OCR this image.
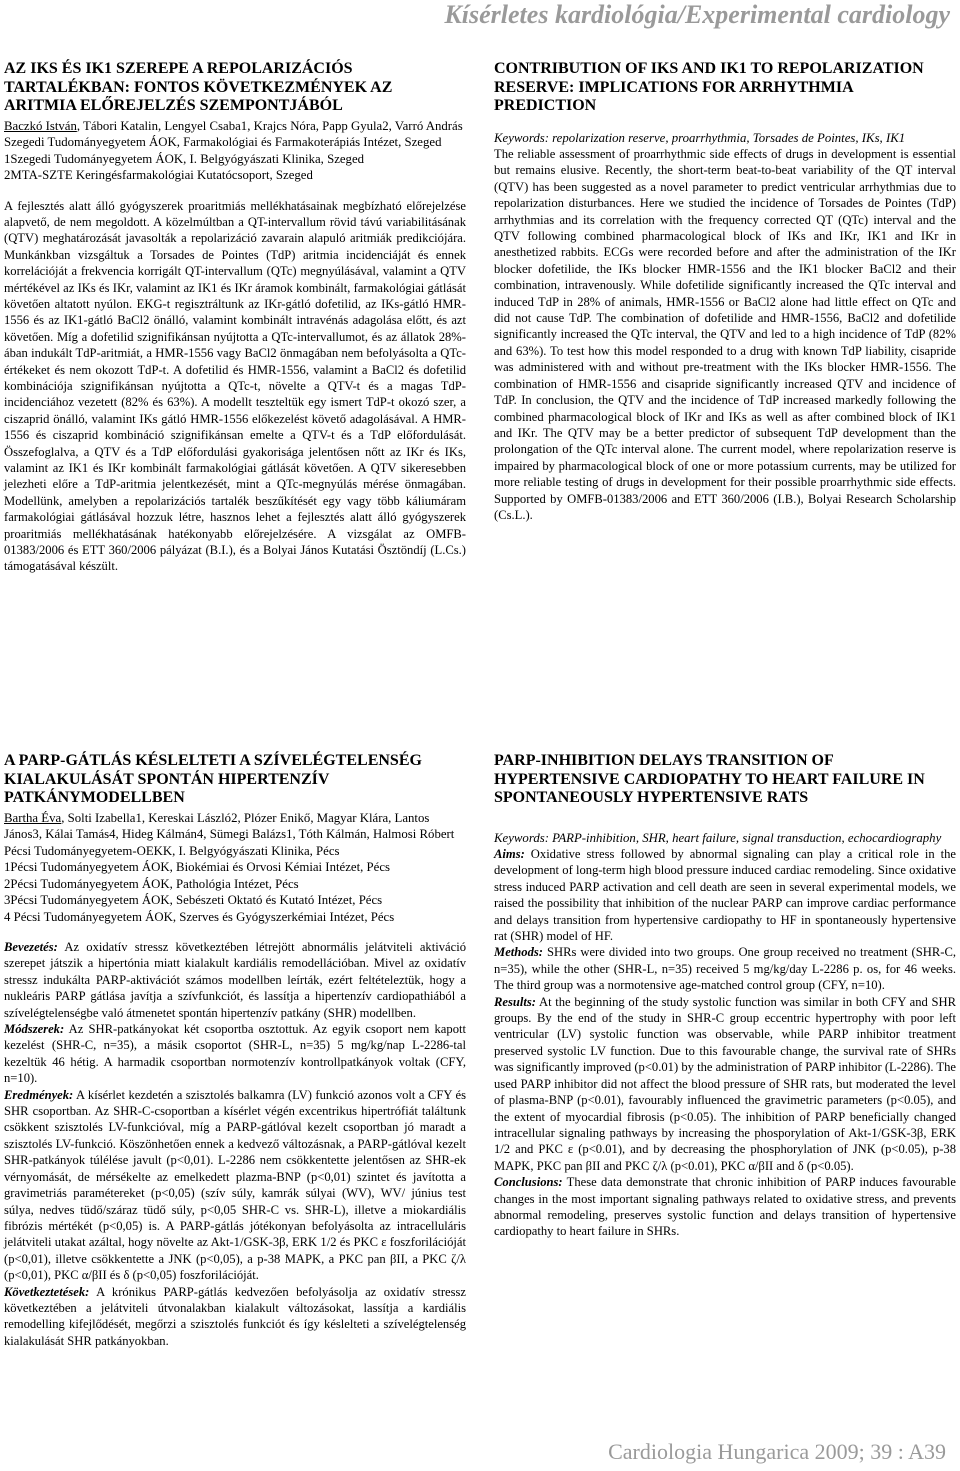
Kísérletes kardiológia/Experimental cardiology
AZ IKS ÉS IK1 SZEREPE A REPOLARIZÁCIÓS TARTALÉKBAN: FONTOS KÖVETKEZMÉNYEK AZ ARITMIA ELŐREJELZÉS SZEMPONTJÁBÓL

Baczkó István, Tábori Katalin, Lengyel Csaba1, Krajcs Nóra, Papp Gyula2, Varró András

Szegedi Tudományegyetem ÁOK, Farmakológiai és Farmakoterápiás Intézet, Szeged

1Szegedi Tudományegyetem ÁOK, I. Belgyógyászati Klinika, Szeged

2MTA-SZTE Keringésfarmakológiai Kutatócsoport, Szeged

A fejlesztés alatt álló gyógyszerek proaritmiás mellékhatásainak megbízható előrejelzése alapvető, de nem megoldott. A közelmúltban a QT-intervallum rövid távú variabilitásának (QTV) meghatározását javasolták a repolarizáció zavarain alapuló aritmiák predikciójára. Munkánkban vizsgáltuk a Torsades de Pointes (TdP) aritmia incidenciáját és ennek korrelációját a frekvencia korrigált QT-intervallum (QTc) megnyúlásával, valamint a QTV mértékével az IKs és IKr, valamint az IK1 és IKr áramok kombinált, farmakológiai gátlását követően altatott nyúlon. EKG-t regisztráltunk az IKr-gátló dofetilid, az IKs-gátló HMR-1556 és az IK1-gátló BaCl2 önálló, valamint kombinált intravénás adagolása előtt, és azt követően. Míg a dofetilid szignifikánsan nyújtotta a QTc-intervallumot, és az állatok 28%-ában indukált TdP-aritmiát, a HMR-1556 vagy BaCl2 önmagában nem befolyásolta a QTc-értékeket és nem okozott TdP-t. A dofetilid és HMR-1556, valamint a BaCl2 és dofetilid kombinációja szignifikánsan nyújtotta a QTc-t, növelte a QTV-t és a magas TdP-incidenciához vezetett (82% és 63%). A modellt teszteltük egy ismert TdP-t okozó szer, a ciszaprid önálló, valamint IKs gátló HMR-1556 előkezelést követő adagolásával. A HMR-1556 és ciszaprid kombináció szignifikánsan emelte a QTV-t és a TdP előfordulását. Összefoglalva, a QTV és a TdP előfordulási gyakorisága jelentősen nőtt az IKr és IKs, valamint az IK1 és IKr kombinált farmakológiai gátlását követően. A QTV sikeresebben jelezheti előre a TdP-aritmia jelentkezését, mint a QTc-megnyúlás mérése önmagában. Modellünk, amelyben a repolarizációs tartalék beszűkítését egy vagy több káliumáram farmakológiai gátlásával hozzuk létre, hasznos lehet a fejlesztés alatt álló gyógyszerek proaritmiás mellékhatásának hatékonyabb előrejelzésére. A vizsgálat az OMFB-01383/2006 és ETT 360/2006 pályázat (B.I.), és a Bolyai János Kutatási Ösztöndíj (L.Cs.) támogatásával készült.

CONTRIBUTION OF IKS AND IK1 TO REPOLARIZATION RESERVE: IMPLICATIONS FOR ARRHYTHMIA PREDICTION

Keywords: repolarization reserve, proarrhythmia, Torsades de Pointes, IKs, IK1

The reliable assessment of proarrhythmic side effects of drugs in development is essential but remains elusive. Recently, the short-term beat-to-beat variability of the QT interval (QTV) has been suggested as a novel parameter to predict ventricular arrhythmias due to repolarization disturbances. Here we studied the incidence of Torsades de Pointes (TdP) arrhythmias and its correlation with the frequency corrected QT (QTc) interval and the QTV following combined pharmacological block of IKs and IKr, IK1 and IKr in anesthetized rabbits. ECGs were recorded before and after the administration of the IKr blocker dofetilide, the IKs blocker HMR-1556 and the IK1 blocker BaCl2 and their combination, intravenously. While dofetilide significantly increased the QTc interval and induced TdP in 28% of animals, HMR-1556 or BaCl2 alone had little effect on QTc and did not cause TdP. The combination of dofetilide and HMR-1556, BaCl2 and dofetilide significantly increased the QTc interval, the QTV and led to a high incidence of TdP (82% and 63%). To test how this model responded to a drug with known TdP liability, cisapride was administered with and without pre-treatment with the IKs blocker HMR-1556. The combination of HMR-1556 and cisapride significantly increased QTV and incidence of TdP. In conclusion, the QTV and the incidence of TdP increased markedly following the combined pharmacological block of IKr and IKs as well as after combined block of IK1 and IKr. The QTV may be a better predictor of subsequent TdP development than the prolongation of the QTc interval alone. The current model, where repolarization reserve is impaired by pharmacological block of one or more potassium currents, may be utilized for more reliable testing of drugs in development for their possible proarrhythmic side effects. Supported by OMFB-01383/2006 and ETT 360/2006 (I.B.), Bolyai Research Scholarship (Cs.L.).

A PARP-GÁTLÁS KÉSLELTETI A SZÍVELÉGTELENSÉG KIALAKULÁSÁT SPONTÁN HIPERTENZÍV PATKÁNYMODELLBEN

Bartha Éva, Solti Izabella1, Kereskai László2, Plózer Enikő, Magyar Klára, Lantos János3, Kálai Tamás4, Hideg Kálmán4, Sümegi Balázs1, Tóth Kálmán, Halmosi Róbert

Pécsi Tudományegyetem-OEKK, I. Belgyógyászati Klinika, Pécs

1Pécsi Tudományegyetem ÁOK, Biokémiai és Orvosi Kémiai Intézet, Pécs

2Pécsi Tudományegyetem ÁOK, Pathológia Intézet, Pécs

3Pécsi Tudományegyetem ÁOK, Sebészeti Oktató és Kutató Intézet, Pécs

4 Pécsi Tudományegyetem ÁOK, Szerves és Gyógyszerkémiai Intézet, Pécs

Bevezetés: Az oxidatív stressz következtében létrejött abnormális jelátviteli aktiváció szerepet játszik a hipertónia miatt kialakult kardiális remodellációban. Mivel az oxidatív stressz indukálta PARP-aktivációt számos modellben leírták, ezért feltételeztük, hogy a nukleáris PARP gátlása javítja a szívfunkciót, és lassítja a hipertenzív cardiopathiából a szívelégtelenségbe való átmenetet spontán hipertenzív patkány (SHR) modellben.

Módszerek: Az SHR-patkányokat két csoportba osztottuk. Az egyik csoport nem kapott kezelést (SHR-C, n=35), a másik csoportot (SHR-L, n=35) 5 mg/kg/nap L-2286-tal kezeltük 46 hétig. A harmadik csoportban normotenzív kontrollpatkányok voltak (CFY, n=10).

Eredmények: A kísérlet kezdetén a szisztolés balkamra (LV) funkció azonos volt a CFY és SHR csoportban. Az SHR-C-csoportban a kísérlet végén excentrikus hipertrófiát találtunk csökkent szisztolés LV-funkcióval, míg a PARP-gátlóval kezelt csoportban jó maradt a szisztolés LV-funkció. Köszönhetően ennek a kedvező változásnak, a PARP-gátlóval kezelt SHR-patkányok túlélése javult (p<0,01). L-2286 nem csökkentette jelentősen az SHR-ek vérnyomását, de mérsékelte az emelkedett plazma-BNP (p<0,01) szintet és javította a gravimetriás paramétereket (p<0,05) (szív súly, kamrák súlyai (WV), WV/ június test súlya, nedves tüdő/száraz tüdő súly, p<0,05 SHR-C vs. SHR-L), illetve a miokardiális fibrózis mértékét (p<0,05) is. A PARP-gátlás jótékonyan befolyásolta az intracelluláris jelátviteli utakat azáltal, hogy növelte az Akt-1/GSK-3β, ERK 1/2 és PKC ε foszforilációját (p<0,01), illetve csökkentette a JNK (p<0,05), a p-38 MAPK, a PKC pan βII, a PKC ζ/λ (p<0,01), PKC α/βII és δ (p<0,05) foszforilációját.

Következtetések: A krónikus PARP-gátlás kedvezően befolyásolja az oxidatív stressz következtében a jelátviteli útvonalakban kialakult változásokat, lassítja a kardiális remodelling kifejlődését, megőrzi a szisztolés funkciót és így késlelteti a szívelégtelenség kialakulását SHR patkányokban.

PARP-INHIBITION DELAYS TRANSITION OF HYPERTENSIVE CARDIOPATHY TO HEART FAILURE IN SPONTANEOUSLY HYPERTENSIVE RATS

Keywords: PARP-inhibition, SHR, heart failure, signal transduction, echocardiography

Aims: Oxidative stress followed by abnormal signaling can play a critical role in the development of long-term high blood pressure induced cardiac remodeling. Since oxidative stress induced PARP activation and cell death are seen in several experimental models, we raised the possibility that inhibition of the nuclear PARP can improve cardiac performance and delays transition from hypertensive cardiopathy to HF in spontaneously hypertensive rat (SHR) model of HF.

Methods: SHRs were divided into two groups. One group received no treatment (SHR-C, n=35), while the other (SHR-L, n=35) received 5 mg/kg/day L-2286 p. os, for 46 weeks. The third group was a normotensive age-matched control group (CFY, n=10).

Results: At the beginning of the study systolic function was similar in both CFY and SHR groups. By the end of the study in SHR-C group eccentric hypertrophy with poor left ventricular (LV) systolic function was observable, while PARP inhibitor treatment preserved systolic LV function. Due to this favourable change, the survival rate of SHRs was significantly improved (p<0.01) by the administration of PARP inhibitor (L-2286). The used PARP inhibitor did not affect the blood pressure of SHR rats, but moderated the level of plasma-BNP (p<0.01), favourably influenced the gravimetric parameters (p<0.05), and the extent of myocardial fibrosis (p<0.05). The inhibition of PARP beneficially changed intracellular signaling pathways by increasing the phosporylation of Akt-1/GSK-3β, ERK 1/2 and PKC ε (p<0.01), and by decreasing the phosphorylation of JNK (p<0.05), p-38 MAPK, PKC pan βII and PKC ζ/λ (p<0.01), PKC α/βII and δ (p<0.05).

Conclusions: These data demonstrate that chronic inhibition of PARP induces favourable changes in the most important signaling pathways related to oxidative stress, and prevents abnormal remodeling, preserves systolic function and delays transition of hypertensive cardiopathy to heart failure in SHRs.

Cardiologia Hungarica 2009; 39 : A39
